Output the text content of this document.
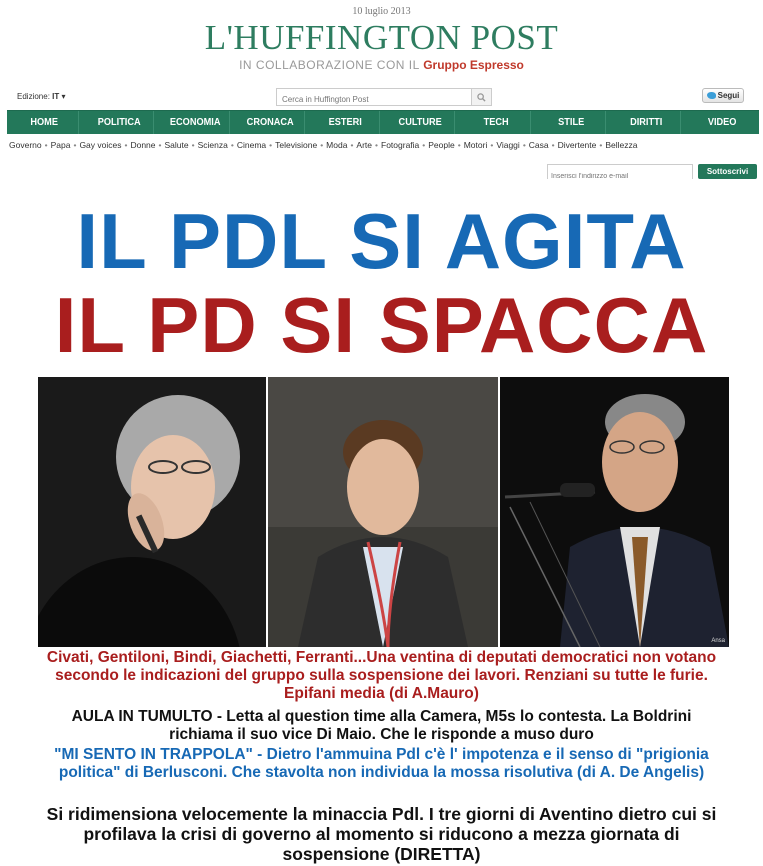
10 luglio 2013
L'HUFFINGTON POST
IN COLLABORAZIONE CON IL Gruppo Espresso
Edizione: IT ▾
Cerca in Huffington Post	Segui
HOME	POLITICA	ECONOMIA	CRONACA	ESTERI	CULTURE	TECH	STILE	DIRITTI	VIDEO
Governo • Papa • Gay voices • Donne • Salute • Scienza • Cinema • Televisione • Moda • Arte • Fotografia • People • Motori • Viaggi • Casa • Divertente • Bellezza
Inserisci l'indirizzo e-mail
Sottoscrivi
IL PDL SI AGITA
IL PD SI SPACCA
Ansa
Civati, Gentiloni, Bindi, Giachetti, Ferranti...Una ventina di deputati democratici non votano secondo le indicazioni del gruppo sulla sospensione dei lavori. Renziani su tutte le furie. Epifani media (di A.Mauro)
AULA IN TUMULTO - Letta al question time alla Camera, M5s lo contesta. La Boldrini richiama il suo vice Di Maio. Che le risponde a muso duro
"MI SENTO IN TRAPPOLA" - Dietro l'ammuina Pdl c'è l' impotenza e il senso di "prigionia politica" di Berlusconi. Che stavolta non individua la mossa risolutiva (di A. De Angelis)
Si ridimensiona velocemente la minaccia Pdl. I tre giorni di Aventino dietro cui si profilava la crisi di governo al momento si riducono a mezza giornata di sospensione (DIRETTA)
